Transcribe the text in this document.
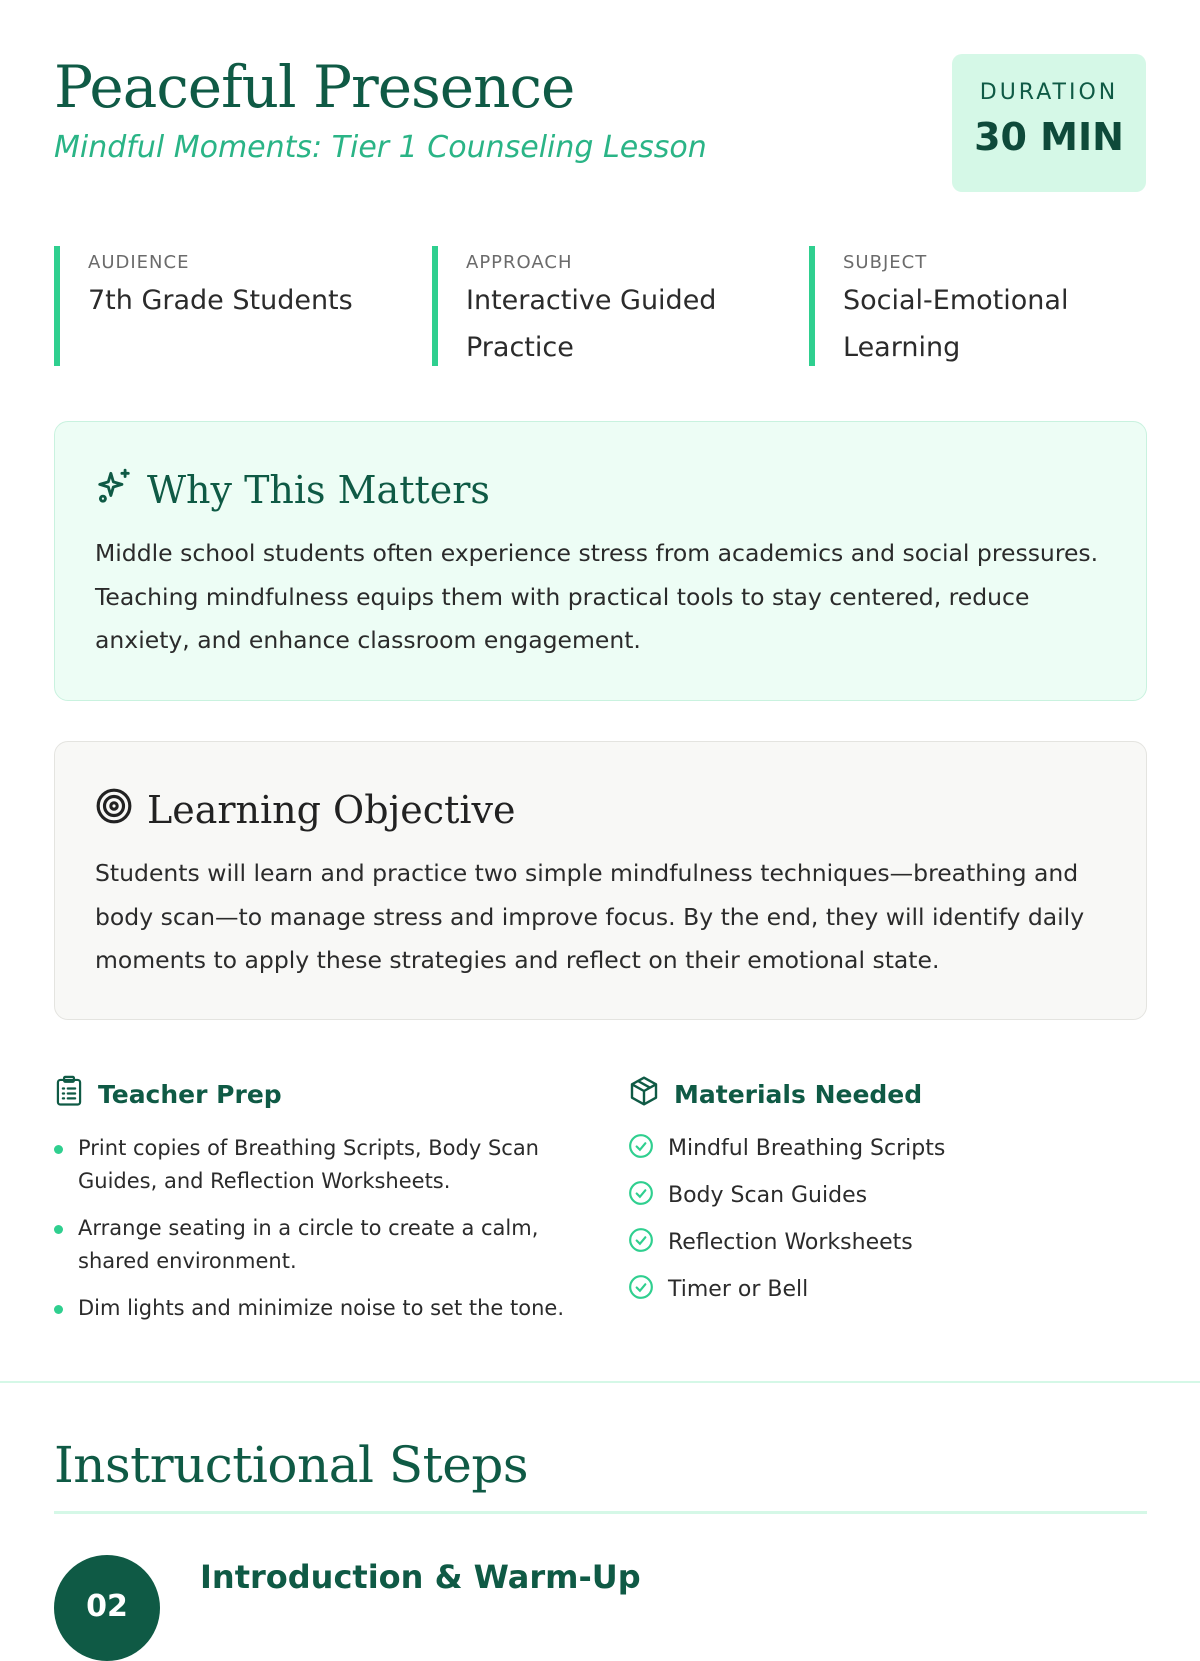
Peaceful Presence
Mindful Moments: Tier 1 Counseling Lesson
DURATION
30 MIN
AUDIENCE
7th Grade Students
APPROACH
Interactive Guided Practice
SUBJECT
Social-Emotional Learning
Why This Matters

Middle school students often experience stress from academics and social pressures. Teaching mindfulness equips them with practical tools to stay centered, reduce anxiety, and enhance classroom engagement.

Learning Objective

Students will learn and practice two simple mindfulness techniques—breathing and body scan—to manage stress and improve focus. By the end, they will identify daily moments to apply these strategies and reflect on their emotional state.

Teacher Prep
Print copies of Breathing Scripts, Body Scan Guides, and Reflection Worksheets.
Arrange seating in a circle to create a calm, shared environment.
Dim lights and minimize noise to set the tone.
Materials Needed
Mindful Breathing Scripts
Body Scan Guides
Reflection Worksheets
Timer or Bell
Instructional Steps
02
Introduction & Warm-Up
